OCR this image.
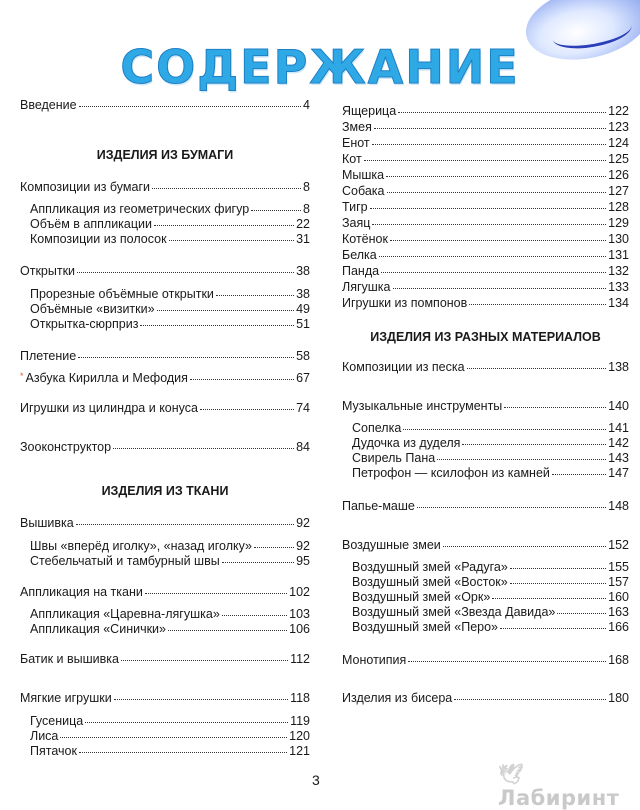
СОДЕРЖАНИЕ
Введение	4
ИЗДЕЛИЯ ИЗ БУМАГИ
Композиции из бумаги	8
Аппликация из геометрических фигур	8
Объём в аппликации	22
Композиции из полосок	31
Открытки	38
Прорезные объёмные открытки	38
Объёмные «визитки»	49
Открытка-сюрприз	51
Плетение	58
* Азбука Кирилла и Мефодия	67
Игрушки из цилиндра и конуса	74
Зооконструктор	84
ИЗДЕЛИЯ ИЗ ТКАНИ
Вышивка	92
Швы «вперёд иголку», «назад иголку»	92
Стебельчатый и тамбурный швы	95
Аппликация на ткани	102
Аппликация «Царевна-лягушка»	103
Аппликация «Синички»	106
Батик и вышивка	112
Мягкие игрушки	118
Гусеница	119
Лиса	120
Пятачок	121
Ящерица	122
Змея	123
Енот	124
Кот	125
Мышка	126
Собака	127
Тигр	128
Заяц	129
Котёнок	130
Белка	131
Панда	132
Лягушка	133
Игрушки из помпонов	134
ИЗДЕЛИЯ ИЗ РАЗНЫХ МАТЕРИАЛОВ
Композиции из песка	138
Музыкальные инструменты	140
Сопелка	141
Дудочка из дуделя	142
Свирель Пана	143
Петрофон — ксилофон из камней	147
Папье-маше	148
Воздушные змеи	152
Воздушный змей «Радуга»	155
Воздушный змей «Восток»	157
Воздушный змей «Орк»	160
Воздушный змей «Звезда Давида»	163
Воздушный змей «Перо»	166
Монотипия	168
Изделия из бисера	180
3	🕊Лабиринт
